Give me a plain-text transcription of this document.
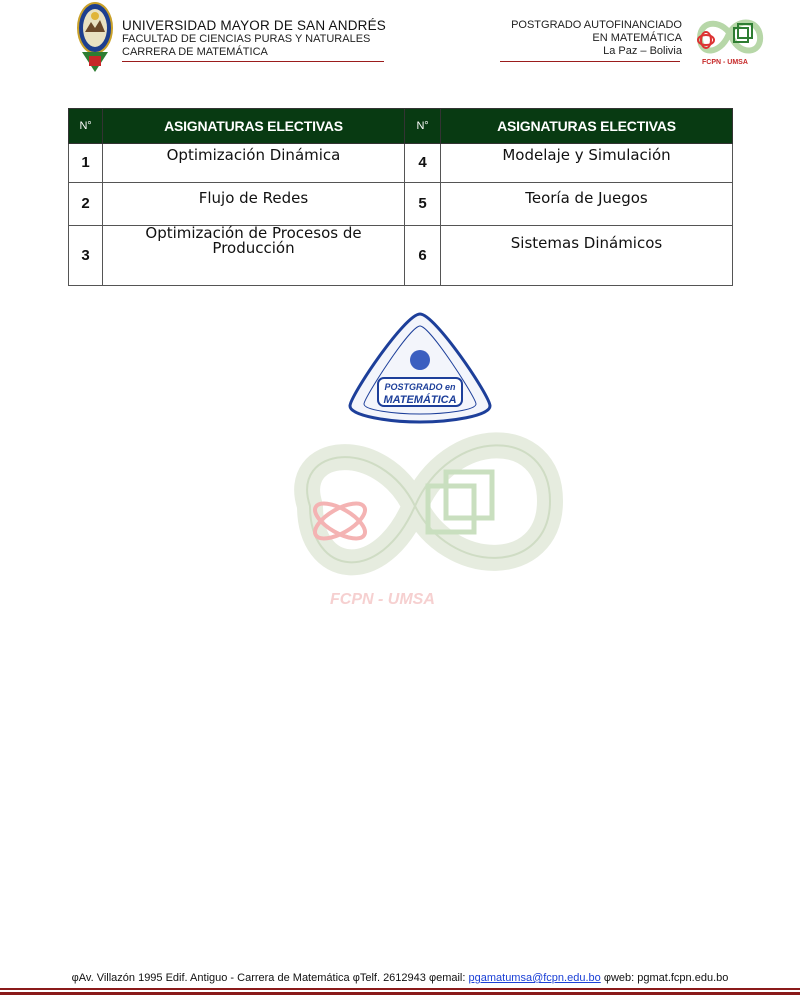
UNIVERSIDAD MAYOR DE SAN ANDRÉS
FACULTAD DE CIENCIAS PURAS Y NATURALES
CARRERA DE MATEMÁTICA
POSTGRADO AUTOFINANCIADO
EN MATEMÁTICA
La Paz – Bolivia
FCPN - UMSA
N°	ASIGNATURAS ELECTIVAS	N°	ASIGNATURAS ELECTIVAS
1	Optimización Dinámica	4	Modelaje y Simulación
2	Flujo de Redes	5	Teoría de Juegos
3	Optimización de Procesos de Producción	6	Sistemas Dinámicos
POSTGRADO en
MATEMÁTICA
FCPN - UMSA
φAv. Villazón 1995 Edif. Antiguo - Carrera de Matemática φTelf. 2612943 φemail: pgamatumsa@fcpn.edu.bo φweb: pgmat.fcpn.edu.bo
